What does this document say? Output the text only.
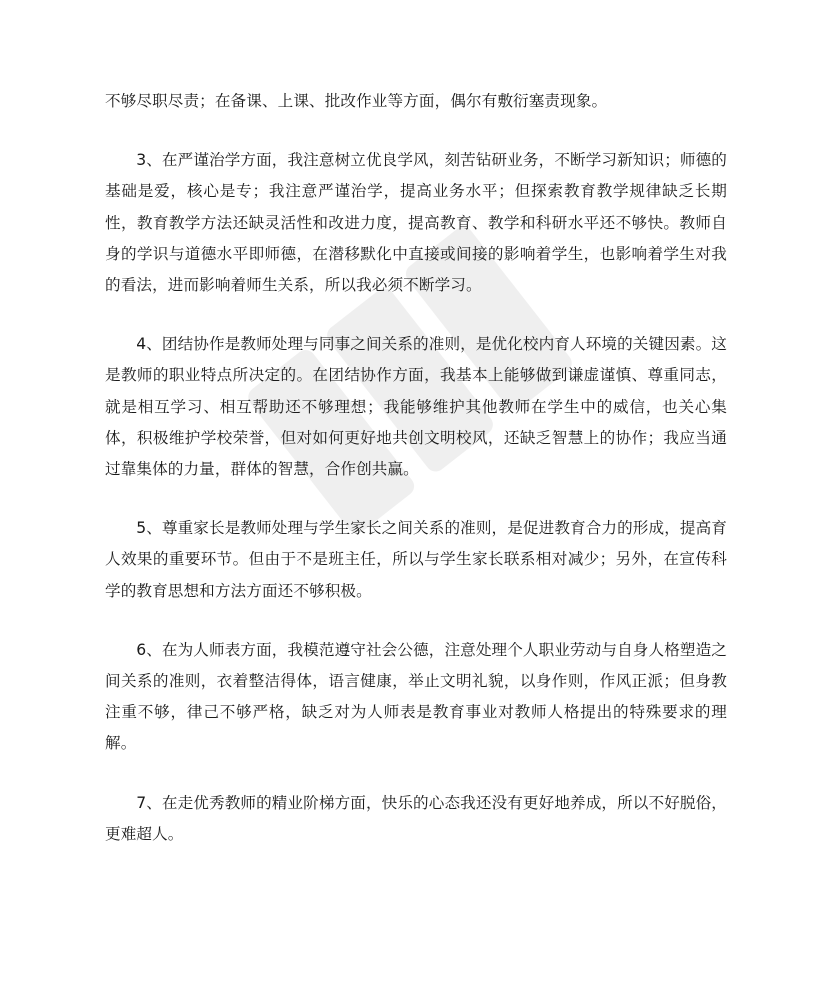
不够尽职尽责；在备课、上课、批改作业等方面，偶尔有敷衍塞责现象。

3、在严谨治学方面，我注意树立优良学风，刻苦钻研业务，不断学习新知识；师德的基础是爱，核心是专；我注意严谨治学，提高业务水平；但探索教育教学规律缺乏长期性，教育教学方法还缺灵活性和改进力度，提高教育、教学和科研水平还不够快。教师自身的学识与道德水平即师德，在潜移默化中直接或间接的影响着学生，也影响着学生对我的看法，进而影响着师生关系，所以我必须不断学习。

4、团结协作是教师处理与同事之间关系的准则，是优化校内育人环境的关键因素。这是教师的职业特点所决定的。在团结协作方面，我基本上能够做到谦虚谨慎、尊重同志，就是相互学习、相互帮助还不够理想；我能够维护其他教师在学生中的威信，也关心集体，积极维护学校荣誉，但对如何更好地共创文明校风，还缺乏智慧上的协作；我应当通过靠集体的力量，群体的智慧，合作创共赢。

5、尊重家长是教师处理与学生家长之间关系的准则，是促进教育合力的形成，提高育人效果的重要环节。但由于不是班主任，所以与学生家长联系相对减少；另外，在宣传科学的教育思想和方法方面还不够积极。

6、在为人师表方面，我模范遵守社会公德，注意处理个人职业劳动与自身人格塑造之间关系的准则，衣着整洁得体，语言健康，举止文明礼貌，以身作则，作风正派；但身教注重不够，律己不够严格，缺乏对为人师表是教育事业对教师人格提出的特殊要求的理解。

7、在走优秀教师的精业阶梯方面，快乐的心态我还没有更好地养成，所以不好脱俗，更难超人。
